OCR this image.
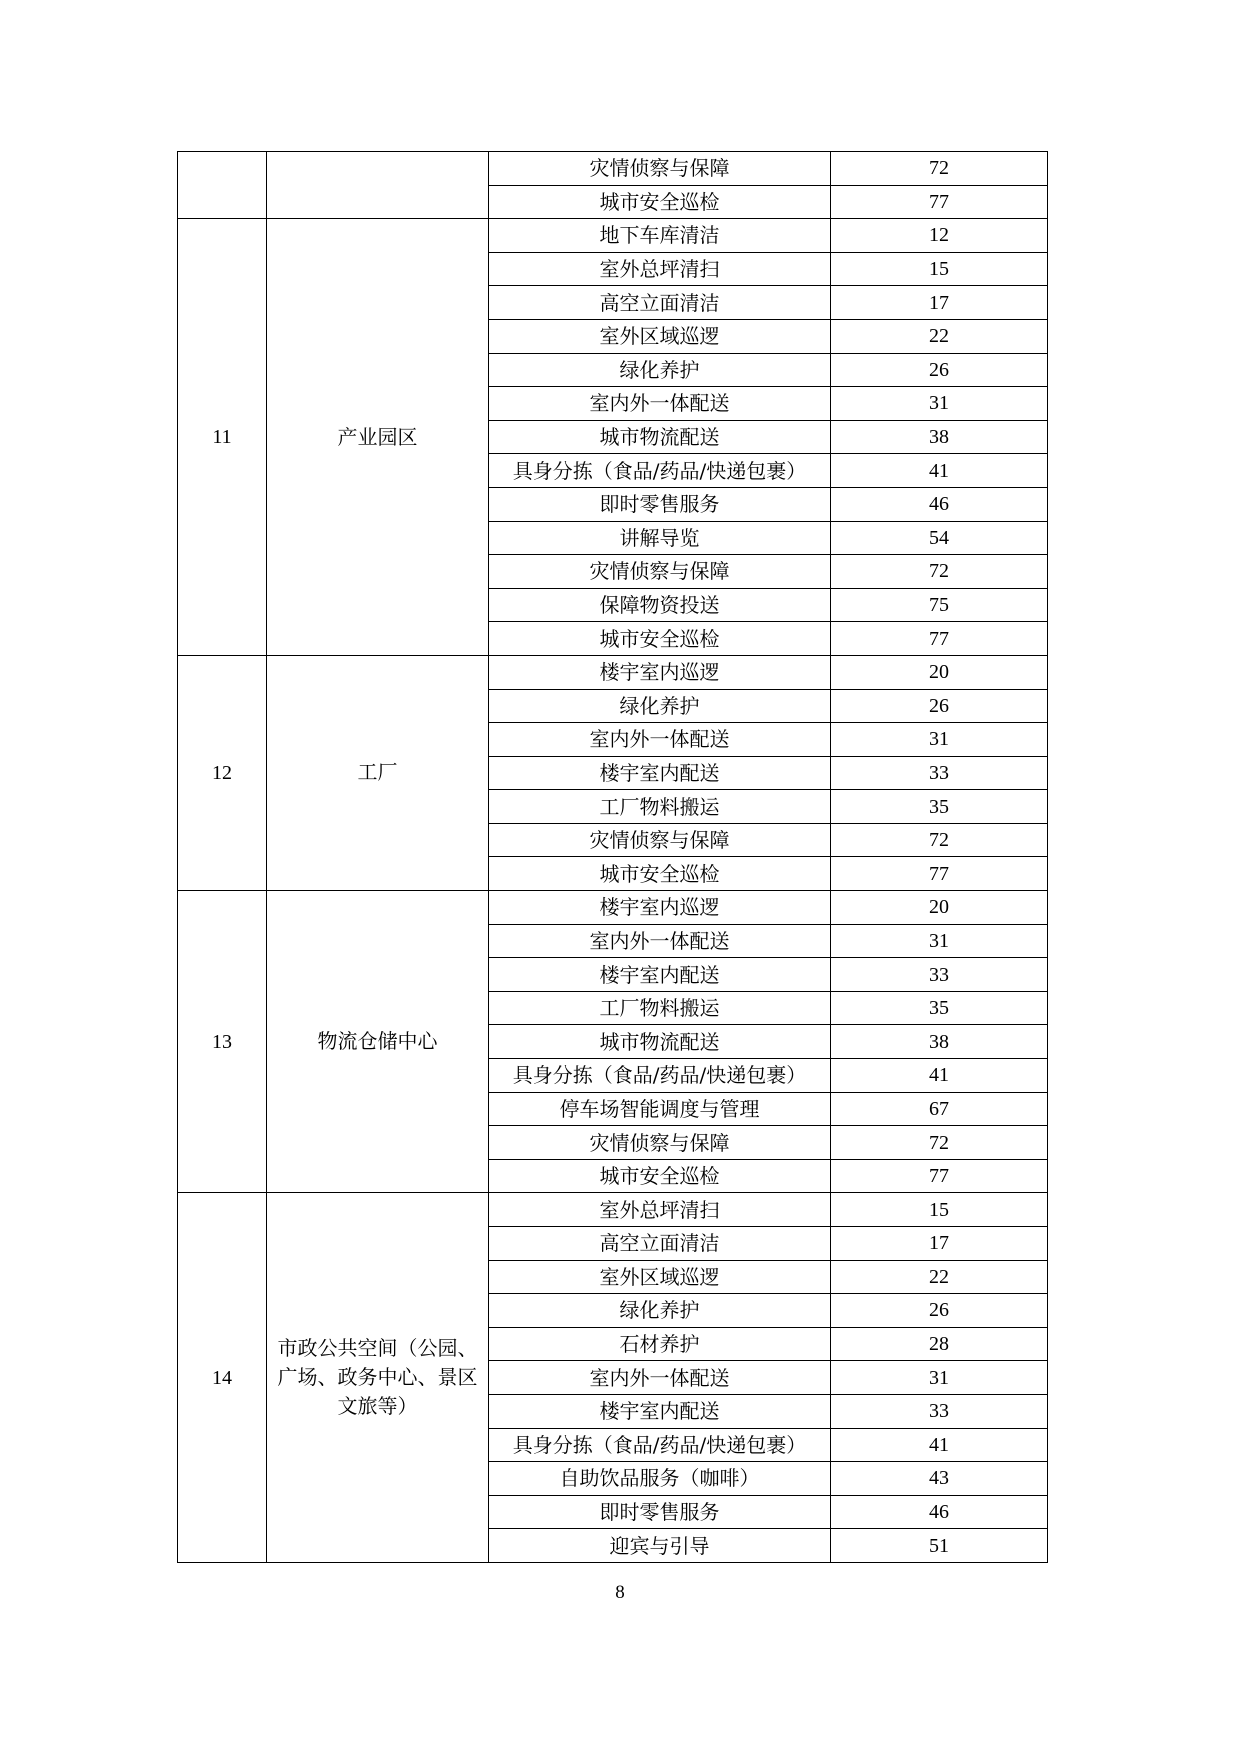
		灾情侦察与保障	72
		城市安全巡检	77
11	产业园区	地下车库清洁	12
		室外总坪清扫	15
		高空立面清洁	17
		室外区域巡逻	22
		绿化养护	26
		室内外一体配送	31
		城市物流配送	38
		具身分拣（食品/药品/快递包裹）	41
		即时零售服务	46
		讲解导览	54
		灾情侦察与保障	72
		保障物资投送	75
		城市安全巡检	77
12	工厂	楼宇室内巡逻	20
		绿化养护	26
		室内外一体配送	31
		楼宇室内配送	33
		工厂物料搬运	35
		灾情侦察与保障	72
		城市安全巡检	77
13	物流仓储中心	楼宇室内巡逻	20
		室内外一体配送	31
		楼宇室内配送	33
		工厂物料搬运	35
		城市物流配送	38
		具身分拣（食品/药品/快递包裹）	41
		停车场智能调度与管理	67
		灾情侦察与保障	72
		城市安全巡检	77
14	市政公共空间（公园、广场、政务中心、景区文旅等）	室外总坪清扫	15
		高空立面清洁	17
		室外区域巡逻	22
		绿化养护	26
		石材养护	28
		室内外一体配送	31
		楼宇室内配送	33
		具身分拣（食品/药品/快递包裹）	41
		自助饮品服务（咖啡）	43
		即时零售服务	46
		迎宾与引导	51
8
